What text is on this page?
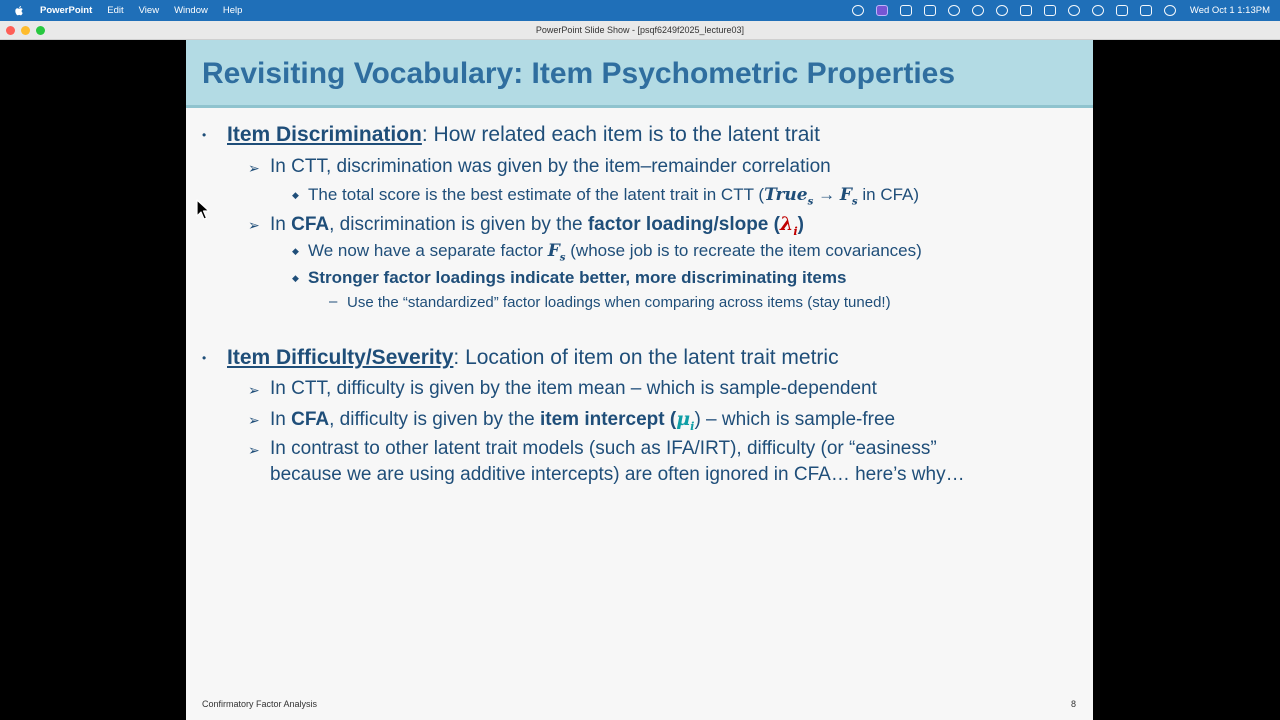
PowerPoint Edit View Window Help	Wed Oct 1 1:13PM
PowerPoint Slide Show - [psqf6249f2025_lecture03]
Revisiting Vocabulary: Item Psychometric Properties
• Item Discrimination: How related each item is to the latent trait
➢ In CTT, discrimination was given by the item–remainder correlation
◆ The total score is the best estimate of the latent trait in CTT (True$_s$ → $F_s$ in CFA)
➢ In CFA, discrimination is given by the factor loading/slope $(\lambda_i)$
◆ We now have a separate factor $F_s$ (whose job is to recreate the item covariances)
◆ Stronger factor loadings indicate better, more discriminating items
– Use the “standardized” factor loadings when comparing across items (stay tuned!)
• Item Difficulty/Severity: Location of item on the latent trait metric
➢ In CTT, difficulty is given by the item mean – which is sample-dependent
➢ In CFA, difficulty is given by the item intercept $(\mu_i)$ – which is sample-free
➢ In contrast to other latent trait models (such as IFA/IRT), difficulty (or “easiness”
because we are using additive intercepts) are often ignored in CFA… here’s why…
Confirmatory Factor Analysis	8
